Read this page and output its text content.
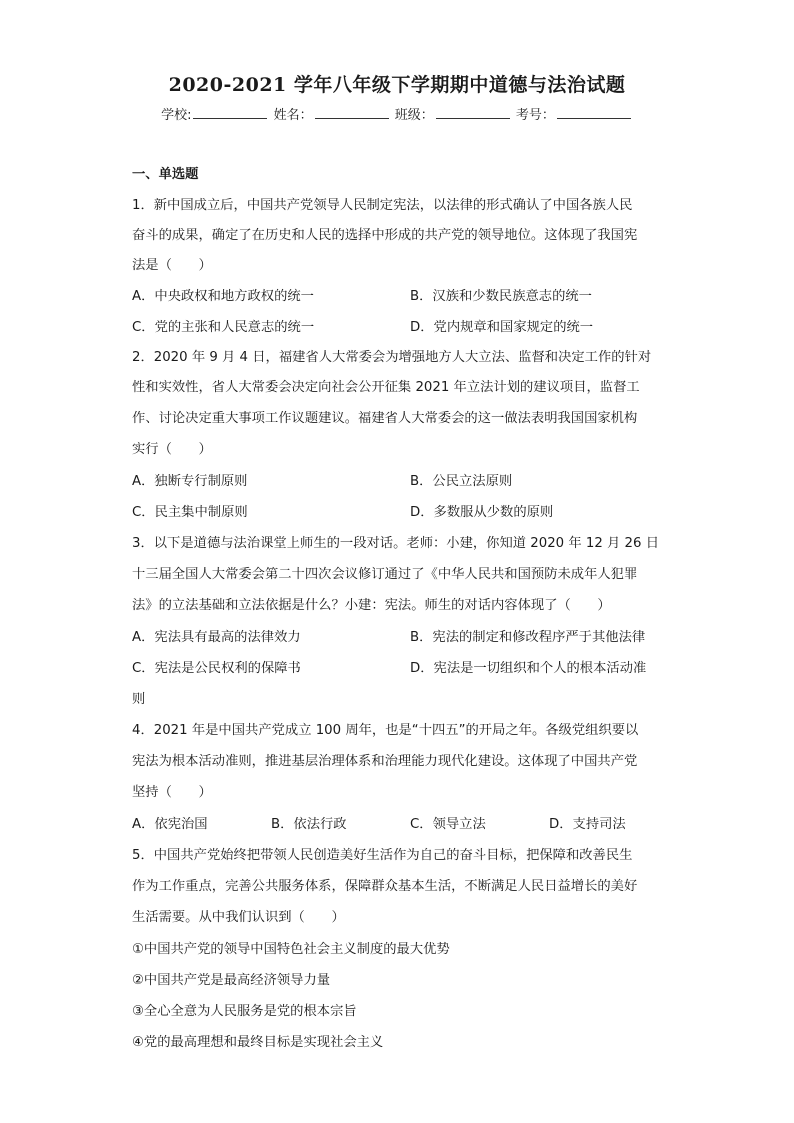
2020-2021 学年八年级下学期期中道德与法治试题
学校:	姓名：	班级：	考号：
一、单选题
1．新中国成立后，中国共产党领导人民制定宪法，以法律的形式确认了中国各族人民
奋斗的成果，确定了在历史和人民的选择中形成的共产党的领导地位。这体现了我国宪
法是（　　）
A．中央政权和地方政权的统一	B．汉族和少数民族意志的统一
C．党的主张和人民意志的统一	D．党内规章和国家规定的统一
2．2020 年 9 月 4 日，福建省人大常委会为增强地方人大立法、监督和决定工作的针对
性和实效性，省人大常委会决定向社会公开征集 2021 年立法计划的建议项目，监督工
作、讨论决定重大事项工作议题建议。福建省人大常委会的这一做法表明我国国家机构
实行（　　）
A．独断专行制原则	B．公民立法原则
C．民主集中制原则	D．多数服从少数的原则
3．以下是道德与法治课堂上师生的一段对话。老师：小建，你知道 2020 年 12 月 26 日
十三届全国人大常委会第二十四次会议修订通过了《中华人民共和国预防未成年人犯罪
法》的立法基础和立法依据是什么？小建：宪法。师生的对话内容体现了（　　）
A．宪法具有最高的法律效力	B．宪法的制定和修改程序严于其他法律
C．宪法是公民权利的保障书	D．宪法是一切组织和个人的根本活动准
则
4．2021 年是中国共产党成立 100 周年，也是“十四五”的开局之年。各级党组织要以
宪法为根本活动准则，推进基层治理体系和治理能力现代化建设。这体现了中国共产党
坚持（　　）
A．依宪治国	B．依法行政	C．领导立法	D．支持司法
5．中国共产党始终把带领人民创造美好生活作为自己的奋斗目标，把保障和改善民生
作为工作重点，完善公共服务体系，保障群众基本生活，不断满足人民日益增长的美好
生活需要。从中我们认识到（　　）
①中国共产党的领导中国特色社会主义制度的最大优势
②中国共产党是最高经济领导力量
③全心全意为人民服务是党的根本宗旨
④党的最高理想和最终目标是实现社会主义
